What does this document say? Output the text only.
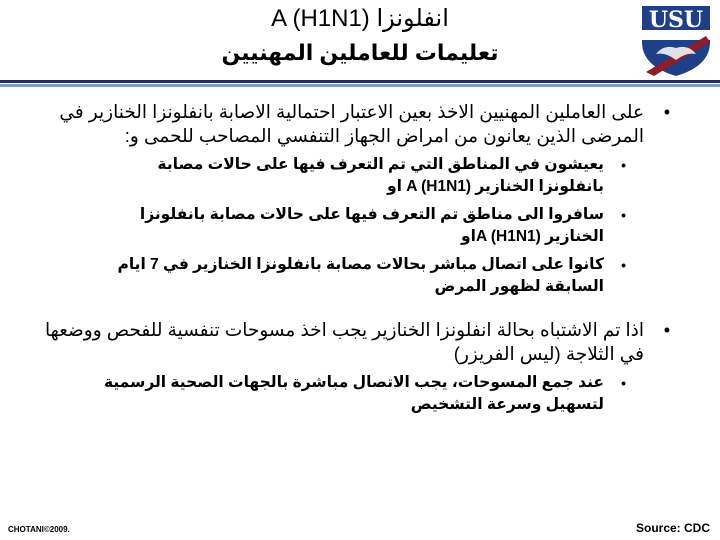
انفلونزا A (H1N1)
تعليمات للعاملين المهنيين
USU
•
على العاملين المهنيين الاخذ بعين الاعتبار احتمالية الاصابة بانفلونزا الخنازير في المرضى الذين يعانون من امراض الجهاز التنفسي المصاحب للحمى و:
•
يعيشون في المناطق التي تم التعرف فيها على حالات مصابة بانفلونزا الخنازير A (H1N1) او
•
سافروا الى مناطق تم التعرف فيها على حالات مصابة بانفلونزا الخنازير A (H1N1)او
•
كانوا على اتصال مباشر بحالات مصابة بانفلونزا الخنازير في 7 ايام السابقة لظهور المرض
•
اذا تم الاشتباه بحالة انفلونزا الخنازير يجب اخذ مسوحات تنفسية للفحص ووضعها في الثلاجة (ليس الفريزر)
•
عند جمع المسوحات، يجب الاتصال مباشرة بالجهات الصحية الرسمية لتسهيل وسرعة التشخيص
CHOTANI©2009.	Source: CDC
